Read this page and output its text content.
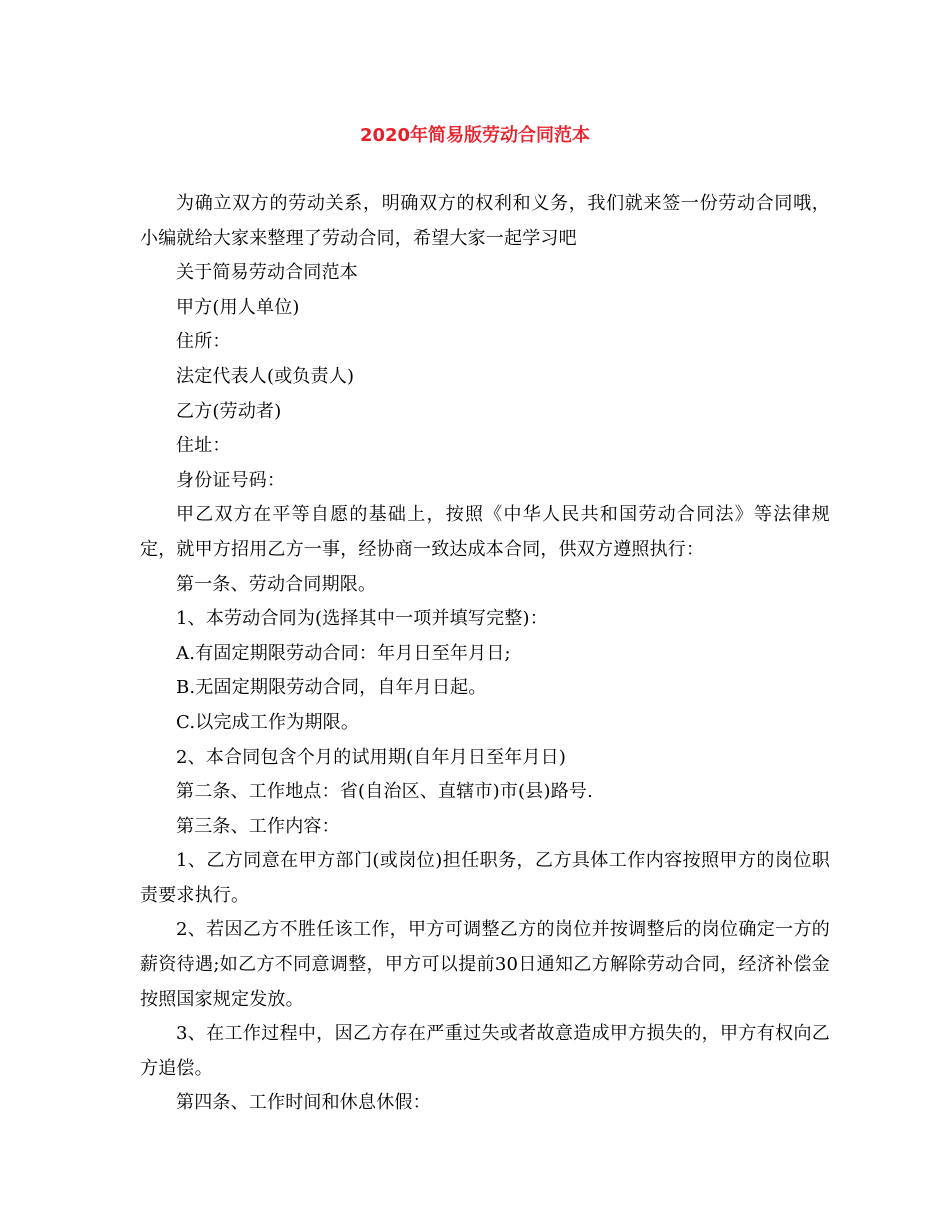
2020年简易版劳动合同范本

为确立双方的劳动关系，明确双方的权利和义务，我们就来签一份劳动合同哦，小编就给大家来整理了劳动合同，希望大家一起学习吧

关于简易劳动合同范本

甲方(用人单位)

住所：

法定代表人(或负责人)

乙方(劳动者)

住址：

身份证号码：

甲乙双方在平等自愿的基础上，按照《中华人民共和国劳动合同法》等法律规定，就甲方招用乙方一事，经协商一致达成本合同，供双方遵照执行：

第一条、劳动合同期限。

1、本劳动合同为(选择其中一项并填写完整)：

A.有固定期限劳动合同：年月日至年月日;

B.无固定期限劳动合同，自年月日起。

C.以完成工作为期限。

2、本合同包含个月的试用期(自年月日至年月日)

第二条、工作地点：省(自治区、直辖市)市(县)路号.

第三条、工作内容：

1、乙方同意在甲方部门(或岗位)担任职务，乙方具体工作内容按照甲方的岗位职责要求执行。

2、若因乙方不胜任该工作，甲方可调整乙方的岗位并按调整后的岗位确定一方的薪资待遇;如乙方不同意调整，甲方可以提前30日通知乙方解除劳动合同，经济补偿金按照国家规定发放。

3、在工作过程中，因乙方存在严重过失或者故意造成甲方损失的，甲方有权向乙方追偿。

第四条、工作时间和休息休假：
